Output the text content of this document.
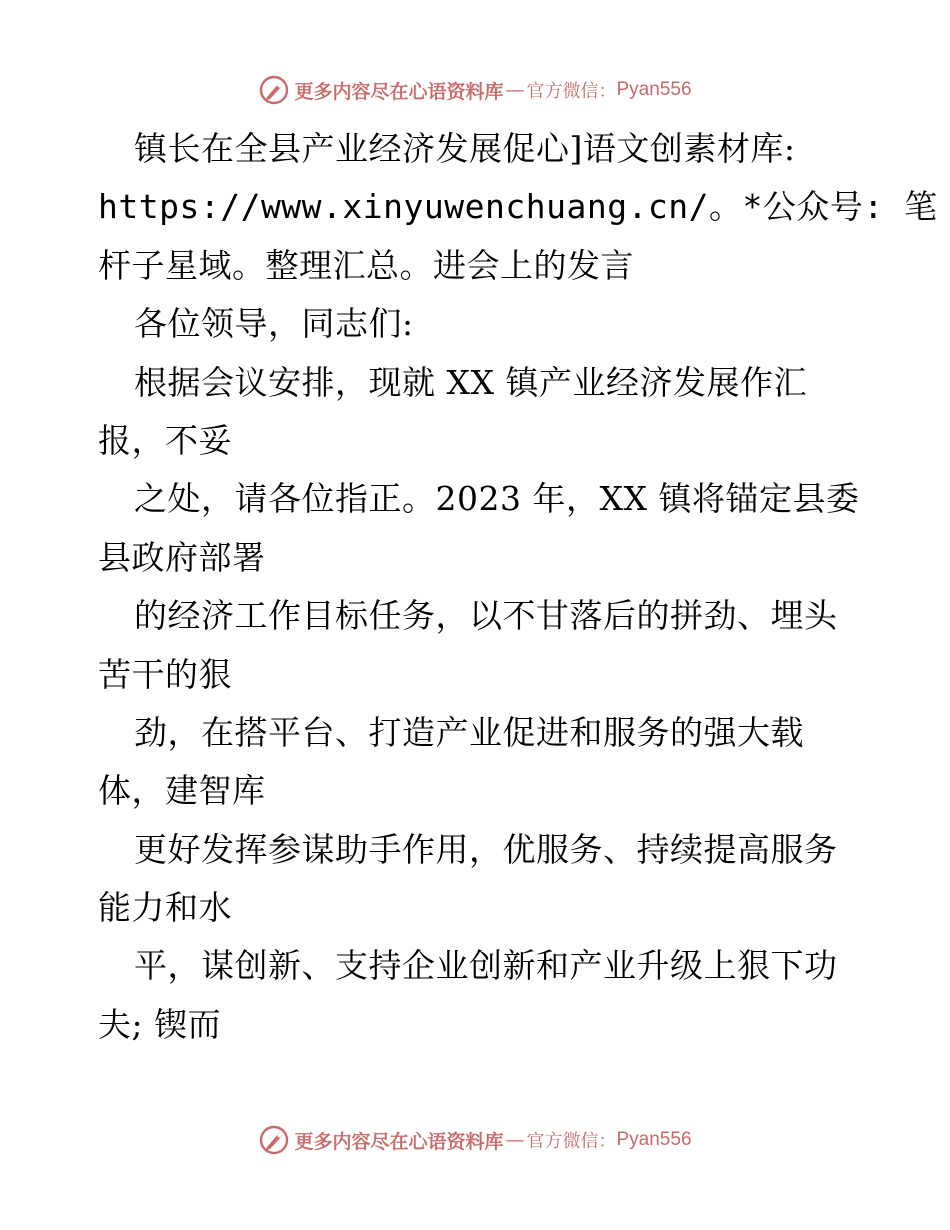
更多内容尽在心语资料库 — 官方微信： Pyan556
镇长在全县产业经济发展促心]语文创素材库:
https://www.xinyuwenchuang.cn/。*公众号: 笔
杆子星域。整理汇总。进会上的发言
各位领导，同志们:
根据会议安排，现就 XX 镇产业经济发展作汇
报，不妥
之处，请各位指正。2023 年，XX 镇将锚定县委
县政府部署
的经济工作目标任务，以不甘落后的拼劲、埋头
苦干的狠
劲，在搭平台、打造产业促进和服务的强大载
体，建智库
更好发挥参谋助手作用，优服务、持续提高服务
能力和水
平，谋创新、支持企业创新和产业升级上狠下功
夫; 锲而
更多内容尽在心语资料库 — 官方微信： Pyan556
